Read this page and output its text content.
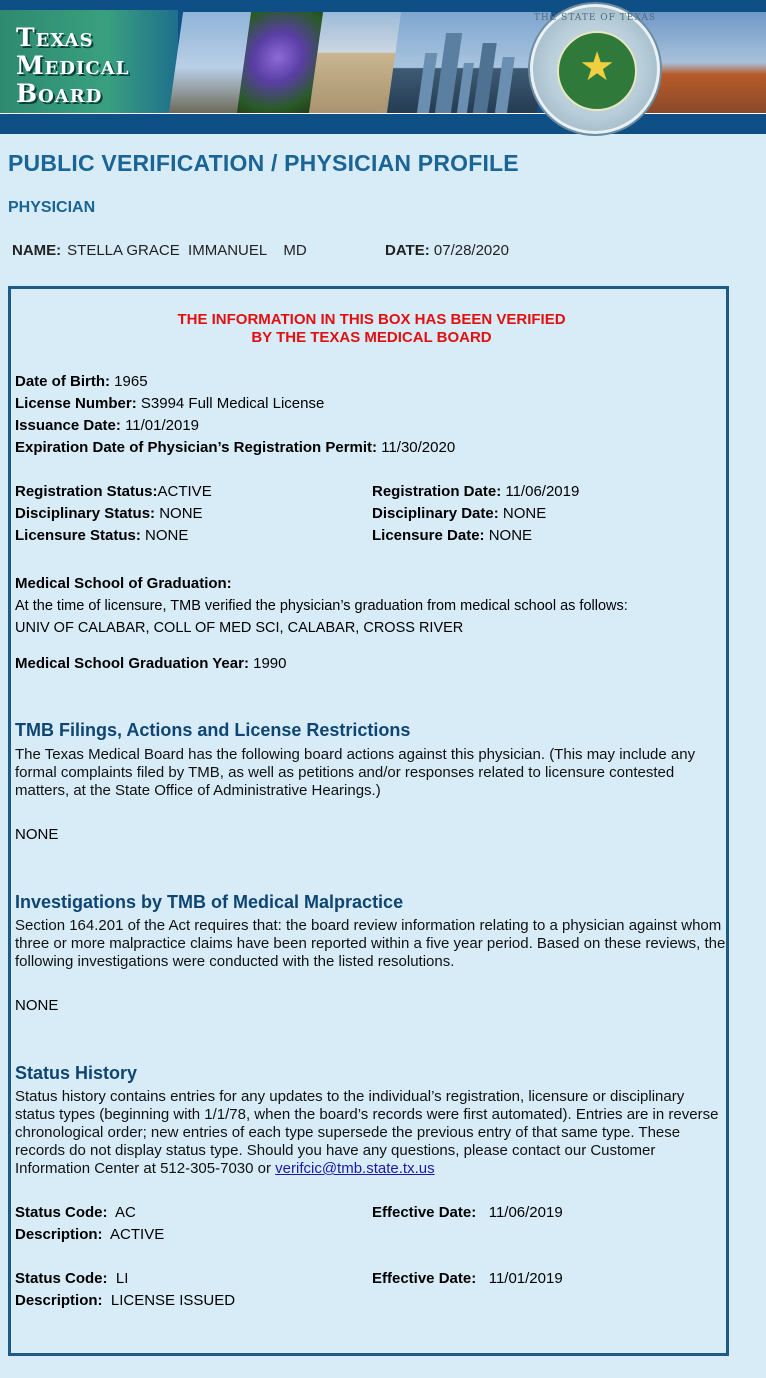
Texas
Medical
Board
THE STATE OF TEXAS
★
PUBLIC VERIFICATION / PHYSICIAN PROFILE
PHYSICIAN
NAME: STELLA GRACE  IMMANUEL    MD	DATE: 07/28/2020
THE INFORMATION IN THIS BOX HAS BEEN VERIFIED
BY THE TEXAS MEDICAL BOARD
Date of Birth: 1965
License Number: S3994 Full Medical License
Issuance Date: 11/01/2019
Expiration Date of Physician’s Registration Permit: 11/30/2020
Registration Status:ACTIVE	Registration Date: 11/06/2019
Disciplinary Status: NONE	Disciplinary Date: NONE
Licensure Status: NONE	Licensure Date: NONE
Medical School of Graduation:
At the time of licensure, TMB verified the physician’s graduation from medical school as follows:
UNIV OF CALABAR, COLL OF MED SCI, CALABAR, CROSS RIVER
Medical School Graduation Year: 1990
TMB Filings, Actions and License Restrictions
The Texas Medical Board has the following board actions against this physician. (This may include any formal complaints filed by TMB, as well as petitions and/or responses related to licensure contested matters, at the State Office of Administrative Hearings.)
NONE
Investigations by TMB of Medical Malpractice
Section 164.201 of the Act requires that: the board review information relating to a physician against whom three or more malpractice claims have been reported within a five year period. Based on these reviews, the following investigations were conducted with the listed resolutions.
NONE
Status History
Status history contains entries for any updates to the individual’s registration, licensure or disciplinary status types (beginning with 1/1/78, when the board’s records were first automated). Entries are in reverse chronological order; new entries of each type supersede the previous entry of that same type. These records do not display status type. Should you have any questions, please contact our Customer Information Center at 512-305-7030 or verifcic@tmb.state.tx.us
Status Code: AC	Effective Date: 11/06/2019
Description: ACTIVE
Status Code: LI	Effective Date: 11/01/2019
Description: LICENSE ISSUED
